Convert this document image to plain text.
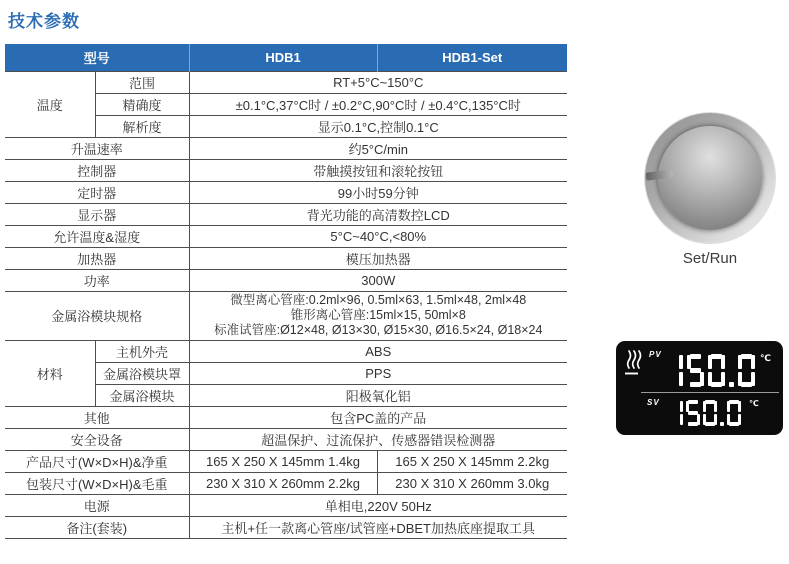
技术参数
型号		HDB1	HDB1-Set
温度	范围	RT+5°C~150°C	
	精确度	±0.1°C,37°C时 / ±0.2°C,90°C时 / ±0.4°C,135°C时	
	解析度	显示0.1°C,控制0.1°C	
升温速率		约5°C/min	
控制器		带触摸按钮和滚轮按钮	
定时器		99小时59分钟	
显示器		背光功能的高清数控LCD	
允许温度&湿度		5°C~40°C,<80%	
加热器		模压加热器	
功率		300W	
金属浴模块规格		微型离心管座:0.2ml×96, 0.5ml×63, 1.5ml×48, 2ml×48
锥形离心管座:15ml×15, 50ml×8
标准试管座:Ø12×48, Ø13×30, Ø15×30, Ø16.5×24, Ø18×24	

材料	主机外壳	ABS	
	金属浴模块罩	PPS	
	金属浴模块	阳极氧化铝	
其他		包含PC盖的产品	
安全设备		超温保护、过流保护、传感器错误检测器	
产品尺寸(W×D×H)&净重		165 X 250 X 145mm 1.4kg	165 X 250 X 145mm 2.2kg
包装尺寸(W×D×H)&毛重		230 X 310 X 260mm 2.2kg	230 X 310 X 260mm 3.0kg
电源		单相电,220V 50Hz	
备注(套装)		主机+任一款离心管座/试管座+DBET加热底座提取工具	
Set/Run
PV	℃
SV	℃
